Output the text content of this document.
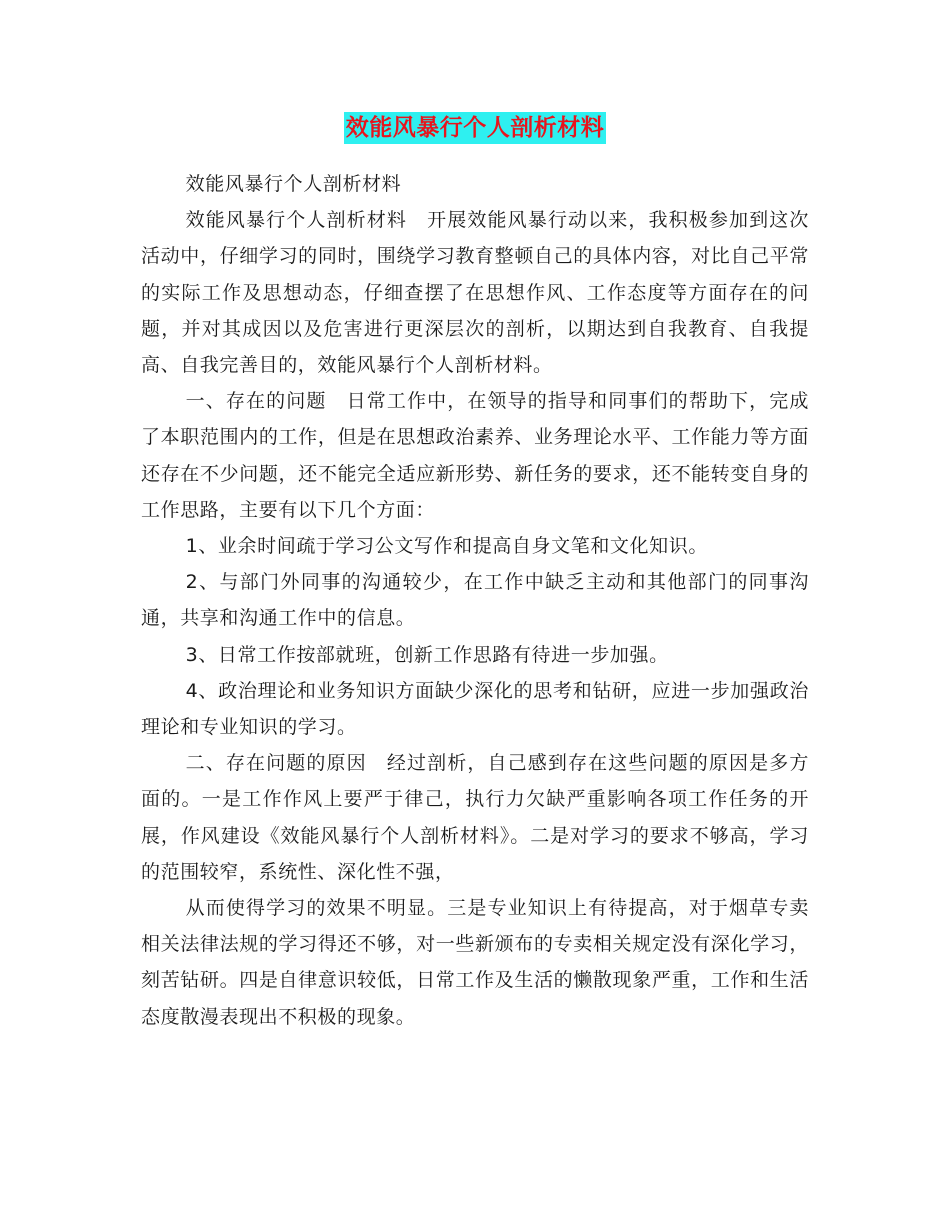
效能风暴行个人剖析材料

效能风暴行个人剖析材料

效能风暴行个人剖析材料　开展效能风暴行动以来，我积极参加到这次活动中，仔细学习的同时，围绕学习教育整顿自己的具体内容，对比自己平常的实际工作及思想动态，仔细查摆了在思想作风、工作态度等方面存在的问题，并对其成因以及危害进行更深层次的剖析，以期达到自我教育、自我提高、自我完善目的，效能风暴行个人剖析材料。

一、存在的问题　日常工作中，在领导的指导和同事们的帮助下，完成了本职范围内的工作，但是在思想政治素养、业务理论水平、工作能力等方面还存在不少问题，还不能完全适应新形势、新任务的要求，还不能转变自身的工作思路，主要有以下几个方面：

1、业余时间疏于学习公文写作和提高自身文笔和文化知识。

2、与部门外同事的沟通较少，在工作中缺乏主动和其他部门的同事沟通，共享和沟通工作中的信息。

3、日常工作按部就班，创新工作思路有待进一步加强。

4、政治理论和业务知识方面缺少深化的思考和钻研，应进一步加强政治理论和专业知识的学习。

二、存在问题的原因　经过剖析，自己感到存在这些问题的原因是多方面的。一是工作作风上要严于律己，执行力欠缺严重影响各项工作任务的开展，作风建设《效能风暴行个人剖析材料》。二是对学习的要求不够高，学习的范围较窄，系统性、深化性不强，

从而使得学习的效果不明显。三是专业知识上有待提高，对于烟草专卖相关法律法规的学习得还不够，对一些新颁布的专卖相关规定没有深化学习，刻苦钻研。四是自律意识较低，日常工作及生活的懒散现象严重，工作和生活态度散漫表现出不积极的现象。
